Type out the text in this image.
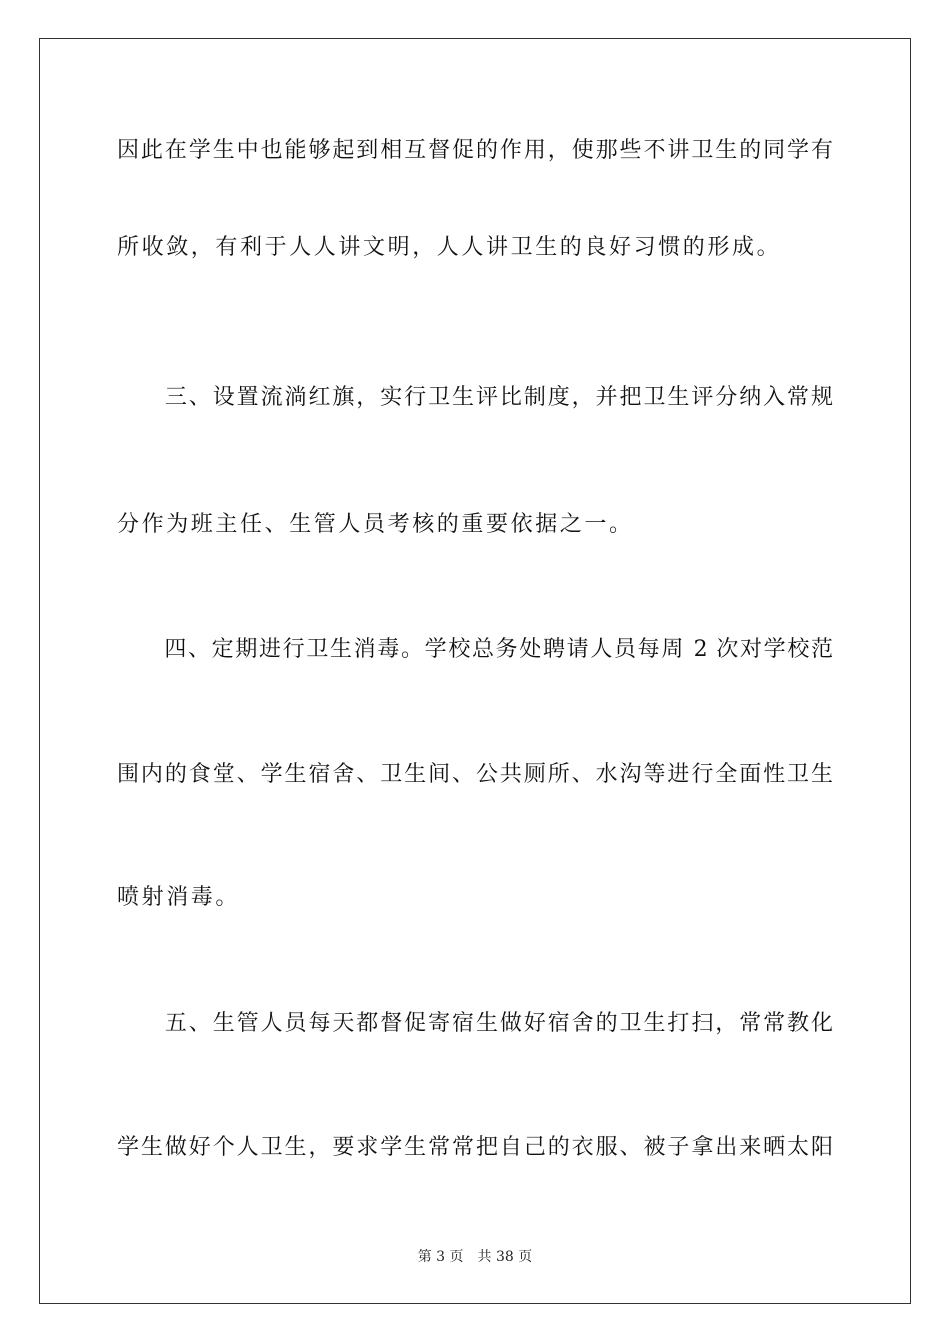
因此在学生中也能够起到相互督促的作用，使那些不讲卫生的同学有
所收敛，有利于人人讲文明，人人讲卫生的良好习惯的形成。
　　三、设置流淌红旗，实行卫生评比制度，并把卫生评分纳入常规
分作为班主任、生管人员考核的重要依据之一。
　　四、定期进行卫生消毒。学校总务处聘请人员每周 2 次对学校范
围内的食堂、学生宿舍、卫生间、公共厕所、水沟等进行全面性卫生
喷射消毒。
　　五、生管人员每天都督促寄宿生做好宿舍的卫生打扫，常常教化
学生做好个人卫生，要求学生常常把自己的衣服、被子拿出来晒太阳
第 3 页　共 38 页
